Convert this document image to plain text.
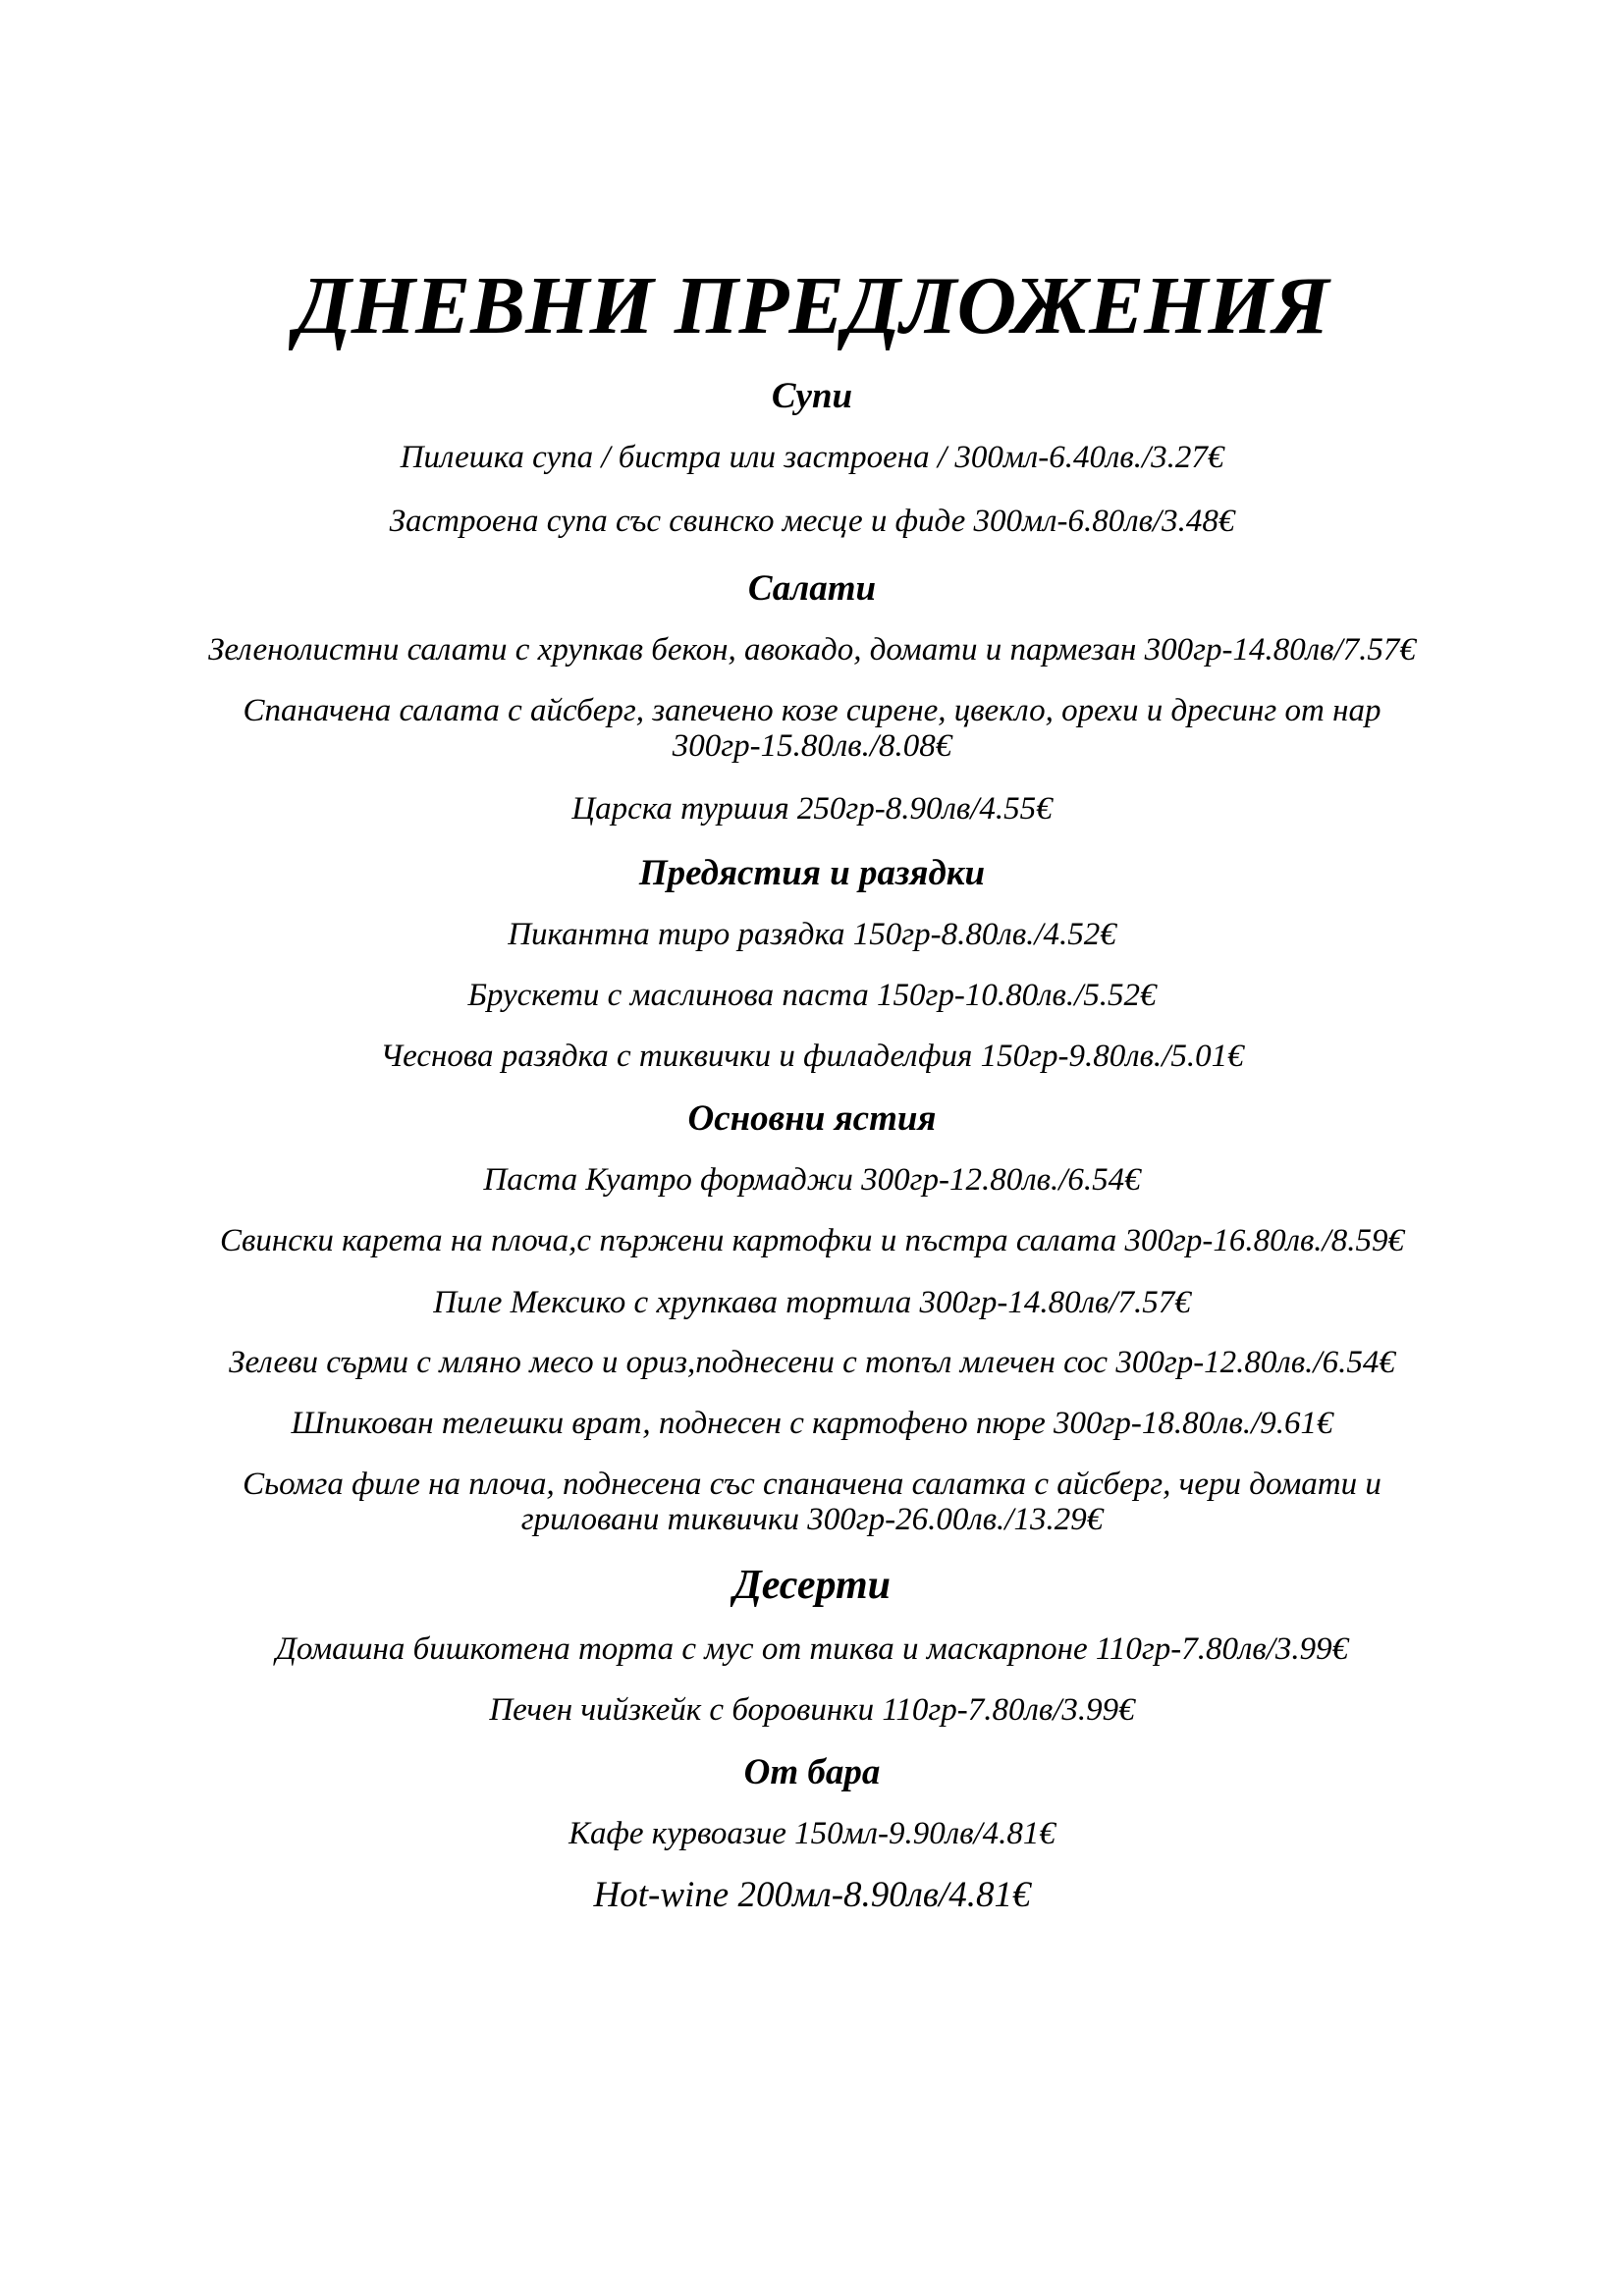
ДНЕВНИ ПРЕДЛОЖЕНИЯ
Супи
Пилешка супа / бистра или застроена / 300мл-6.40лв./3.27€
Застроена супа със свинско месце и фиде 300мл-6.80лв/3.48€
Салати
Зеленолистни салати с хрупкав бекон, авокадо, домати и пармезан 300гр-14.80лв/7.57€
Спаначена салата с айсберг, запечено козе сирене, цвекло, орехи и дресинг от нар 300гр-15.80лв./8.08€
Царска туршия 250гр-8.90лв/4.55€
Предястия и разядки
Пикантна тиро разядка 150гр-8.80лв./4.52€
Брускети с маслинова паста 150гр-10.80лв./5.52€
Чеснова разядка с тиквички и филаделфия 150гр-9.80лв./5.01€
Основни ястия
Паста Куатро формаджи 300гр-12.80лв./6.54€
Свински карета на плоча,с пържени картофки и пъстра салата 300гр-16.80лв./8.59€
Пиле Мексико с хрупкава тортила 300гр-14.80лв/7.57€
Зелеви сърми с мляно месо и ориз,поднесени с топъл млечен сос 300гр-12.80лв./6.54€
Шпикован телешки врат, поднесен с картофено пюре 300гр-18.80лв./9.61€
Сьомга филе на плоча, поднесена със спаначена салатка с айсберг, чери домати и гриловани тиквички 300гр-26.00лв./13.29€
Десерти
Домашна бишкотена торта с мус от тиква и маскарпоне 110гр-7.80лв/3.99€
Печен чийзкейк с боровинки 110гр-7.80лв/3.99€
От бара
Кафе курвоазие 150мл-9.90лв/4.81€
Hot-wine 200мл-8.90лв/4.81€
